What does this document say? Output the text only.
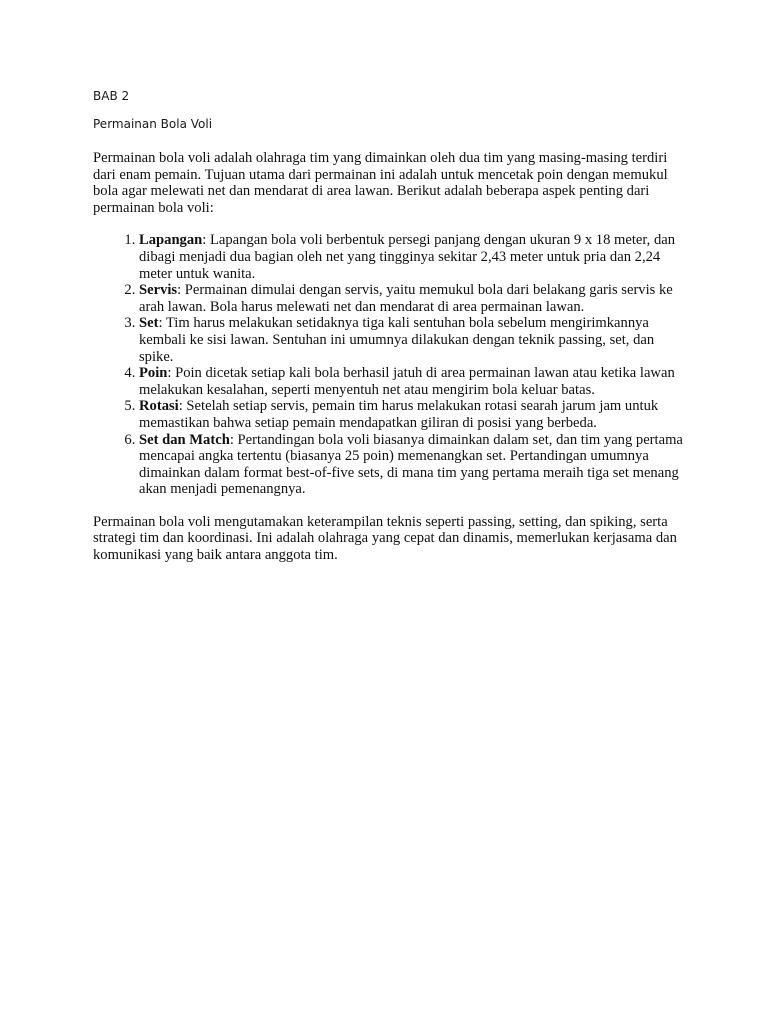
BAB 2

Permainan Bola Voli

Permainan bola voli adalah olahraga tim yang dimainkan oleh dua tim yang masing-masing terdiri dari enam pemain. Tujuan utama dari permainan ini adalah untuk mencetak poin dengan memukul bola agar melewati net dan mendarat di area lawan. Berikut adalah beberapa aspek penting dari permainan bola voli:

1. Lapangan: Lapangan bola voli berbentuk persegi panjang dengan ukuran 9 x 18 meter, dan dibagi menjadi dua bagian oleh net yang tingginya sekitar 2,43 meter untuk pria dan 2,24 meter untuk wanita.
2. Servis: Permainan dimulai dengan servis, yaitu memukul bola dari belakang garis servis ke arah lawan. Bola harus melewati net dan mendarat di area permainan lawan.
3. Set: Tim harus melakukan setidaknya tiga kali sentuhan bola sebelum mengirimkannya kembali ke sisi lawan. Sentuhan ini umumnya dilakukan dengan teknik passing, set, dan spike.
4. Poin: Poin dicetak setiap kali bola berhasil jatuh di area permainan lawan atau ketika lawan melakukan kesalahan, seperti menyentuh net atau mengirim bola keluar batas.
5. Rotasi: Setelah setiap servis, pemain tim harus melakukan rotasi searah jarum jam untuk memastikan bahwa setiap pemain mendapatkan giliran di posisi yang berbeda.
6. Set dan Match: Pertandingan bola voli biasanya dimainkan dalam set, dan tim yang pertama mencapai angka tertentu (biasanya 25 poin) memenangkan set. Pertandingan umumnya dimainkan dalam format best-of-five sets, di mana tim yang pertama meraih tiga set menang akan menjadi pemenangnya.

Permainan bola voli mengutamakan keterampilan teknis seperti passing, setting, dan spiking, serta strategi tim dan koordinasi. Ini adalah olahraga yang cepat dan dinamis, memerlukan kerjasama dan komunikasi yang baik antara anggota tim.
